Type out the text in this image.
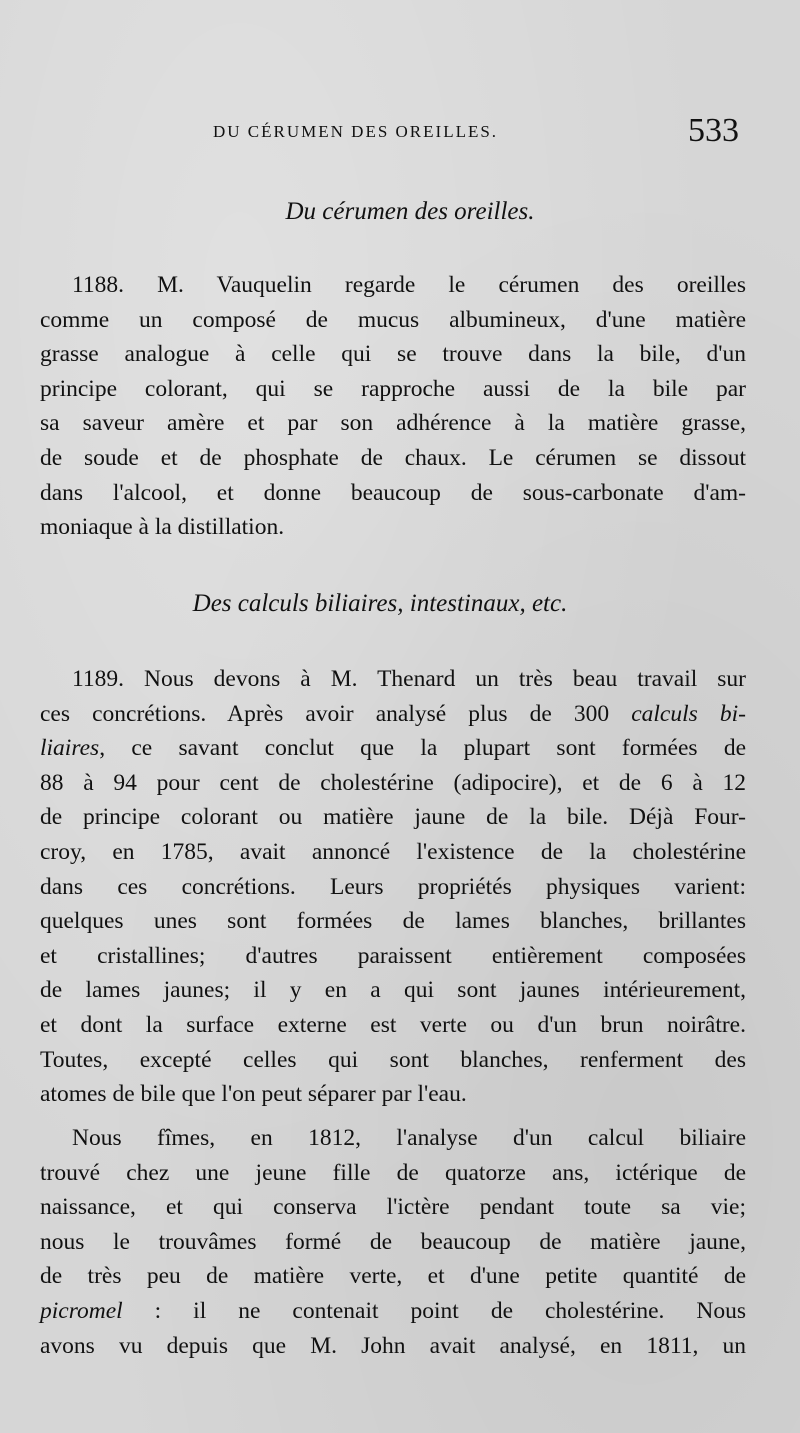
DU CÉRUMEN DES OREILLES.	533
Du cérumen des oreilles.
1188. M. Vauquelin regarde le cérumen des oreilles
comme un composé de mucus albumineux, d'une matière
grasse analogue à celle qui se trouve dans la bile, d'un
principe colorant, qui se rapproche aussi de la bile par
sa saveur amère et par son adhérence à la matière grasse,
de soude et de phosphate de chaux. Le cérumen se dissout
dans l'alcool, et donne beaucoup de sous-carbonate d'am-
moniaque à la distillation.
Des calculs biliaires, intestinaux, etc.
1189. Nous devons à M. Thenard un très beau travail sur
ces concrétions. Après avoir analysé plus de 300 calculs bi-
liaires, ce savant conclut que la plupart sont formées de
88 à 94 pour cent de cholestérine (adipocire), et de 6 à 12
de principe colorant ou matière jaune de la bile. Déjà Four-
croy, en 1785, avait annoncé l'existence de la cholestérine
dans ces concrétions. Leurs propriétés physiques varient:
quelques unes sont formées de lames blanches, brillantes
et cristallines; d'autres paraissent entièrement composées
de lames jaunes; il y en a qui sont jaunes intérieurement,
et dont la surface externe est verte ou d'un brun noirâtre.
Toutes, excepté celles qui sont blanches, renferment des
atomes de bile que l'on peut séparer par l'eau.
Nous fîmes, en 1812, l'analyse d'un calcul biliaire
trouvé chez une jeune fille de quatorze ans, ictérique de
naissance, et qui conserva l'ictère pendant toute sa vie;
nous le trouvâmes formé de beaucoup de matière jaune,
de très peu de matière verte, et d'une petite quantité de
picromel : il ne contenait point de cholestérine. Nous
avons vu depuis que M. John avait analysé, en 1811, un
